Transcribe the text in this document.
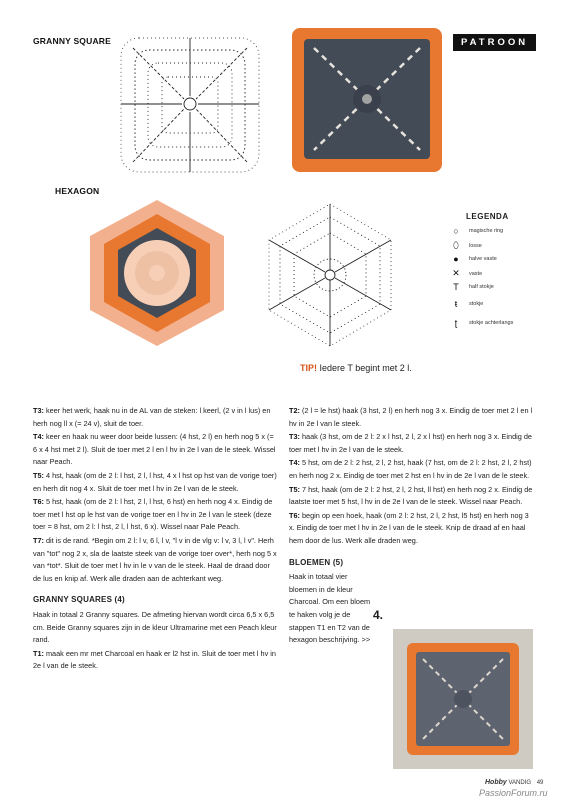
GRANNY SQUARE	PATROON
HEXAGON
LEGENDA
○	magische ring
⬯	losse
●	halve vaste
✕	vaste
T	half stokje
ŧ	stokje
ʈ	stokje achterlangs
TIP! Iedere T begint met 2 l.

T3: keer het werk, haak nu in de AL van de steken: l keerl, (2 v in l lus) en herh nog ll x (= 24 v), sluit de toer.

T4: keer en haak nu weer door beide lussen: (4 hst, 2 l) en herh nog 5 x (= 6 x 4 hst met 2 l). Sluit de toer met 2 l en l hv in 2e l van de le steek. Wissel naar Peach.

T5: 4 hst, haak (om de 2 l: l hst, 2 l, l hst, 4 x l hst op hst van de vorige toer) en herh dit nog 4 x. Sluit de toer met l hv in 2e l van de le steek.

T6: 5 hst, haak (om de 2 l: l hst, 2 l, l hst, 6 hst) en herh nog 4 x. Eindig de toer met l hst op le hst van de vorige toer en l hv in 2e l van le steek (deze toer = 8 hst, om 2 l: l hst, 2 l, l hst, 6 x). Wissel naar Pale Peach.

T7: dit is de rand. *Begin om 2 l: l v, 6 l, l v, "l v in de vlg v: l v, 3 l, l v". Herh van "tot" nog 2 x, sla de laatste steek van de vorige toer over*, herh nog 5 x van *tot*. Sluit de toer met l hv in le v van de le steek. Haal de draad door de lus en knip af. Werk alle draden aan de achterkant weg.

GRANNY SQUARES (4)

Haak in totaal 2 Granny squares. De afmeting hiervan wordt circa 6,5 x 6,5 cm. Beide Granny squares zijn in de kleur Ultramarine met een Peach kleur rand.

T1: maak een mr met Charcoal en haak er l2 hst in. Sluit de toer met l hv in 2e l van de le steek.

T2: (2 l = le hst) haak (3 hst, 2 l) en herh nog 3 x. Eindig de toer met 2 l en l hv in 2e l van le steek.

T3: haak (3 hst, om de 2 l: 2 x l hst, 2 l, 2 x l hst) en herh nog 3 x. Eindig de toer met l hv in 2e l van de le steek.

T4: 5 hst, om de 2 l: 2 hst, 2 l, 2 hst, haak (7 hst, om de 2 l: 2 hst, 2 l, 2 hst) en herh nog 2 x. Eindig de toer met 2 hst en l hv in de 2e l van de le steek.

T5: 7 hst, haak (om de 2 l: 2 hst, 2 l, 2 hst, ll hst) en herh nog 2 x. Eindig de laatste toer met 5 hst, l hv in de 2e l van de le steek. Wissel naar Peach.

T6: begin op een hoek, haak (om 2 l: 2 hst, 2 l, 2 hst, l5 hst) en herh nog 3 x. Eindig de toer met l hv in 2e l van de le steek. Knip de draad af en haal hem door de lus. Werk alle draden weg.

BLOEMEN (5)

Haak in totaal vier bloemen in de kleur Charcoal. Om een bloem te haken volg je de stappen T1 en T2 van de hexagon beschrijving. >>

4.
Hobby VANDIG 49
PassionForum.ru
